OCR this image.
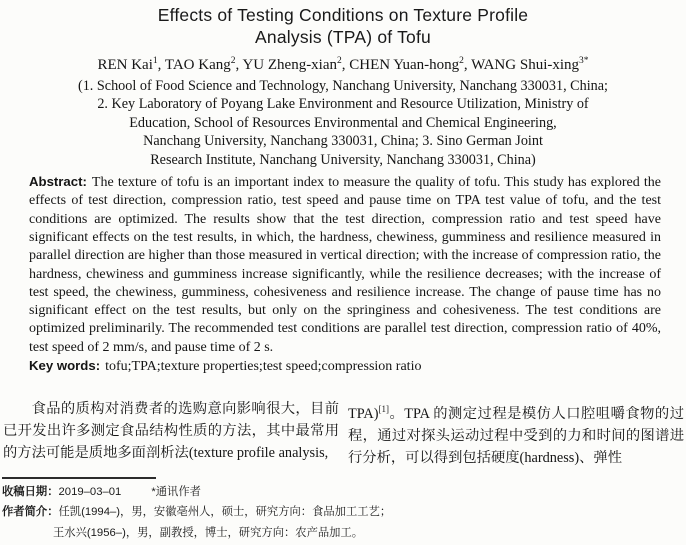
Effects of Testing Conditions on Texture Profile
Analysis (TPA) of Tofu
REN Kai$^1$, TAO Kang$^2$, YU Zheng-xian$^2$, CHEN Yuan-hong$^2$, WANG Shui-xing$^{3*}$
(1. School of Food Science and Technology, Nanchang University, Nanchang 330031, China;
2. Key Laboratory of Poyang Lake Environment and Resource Utilization, Ministry of
Education, School of Resources Environmental and Chemical Engineering,
Nanchang University, Nanchang 330031, China; 3. Sino German Joint
Research Institute, Nanchang University, Nanchang 330031, China)

Abstract: The texture of tofu is an important index to measure the quality of tofu. This study has explored the effects of test direction, compression ratio, test speed and pause time on TPA test value of tofu, and the test conditions are optimized. The results show that the test direction, compression ratio and test speed have significant effects on the test results, in which, the hardness, chewiness, gumminess and resilience measured in parallel direction are higher than those measured in vertical direction; with the increase of compression ratio, the hardness, chewiness and gumminess increase significantly, while the resilience decreases; with the increase of test speed, the chewiness, gumminess, cohesiveness and resilience increase. The change of pause time has no significant effect on the test results, but only on the springiness and cohesiveness. The test conditions are optimized preliminarily. The recommended test conditions are parallel test direction, compression ratio of 40%, test speed of 2 mm/s, and pause time of 2 s.

Key words: tofu;TPA;texture properties;test speed;compression ratio

食品的质构对消费者的选购意向影响很大，目前已开发出许多测定食品结构性质的方法，其中最常用的方法可能是质地多面剖析法(texture profile analysis,

TPA)[1]。TPA 的测定过程是模仿人口腔咀嚼食物的过程，通过对探头运动过程中受到的力和时间的图谱进行分析，可以得到包括硬度(hardness)、弹性

收稿日期：2019–03–01	*通讯作者
作者简介：任凯(1994–)，男，安徽亳州人，硕士，研究方向：食品加工工艺；
王水兴(1956–)，男，副教授，博士，研究方向：农产品加工。
